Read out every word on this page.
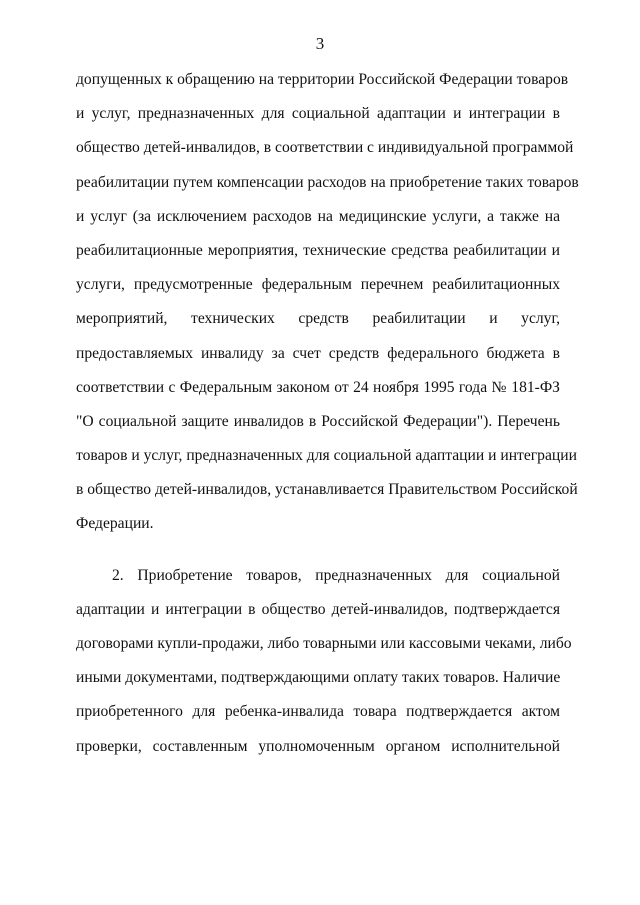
3
допущенных к обращению на территории Российской Федерации товаров
и услуг, предназначенных для социальной адаптации и интеграции в
общество детей-инвалидов, в соответствии с индивидуальной программой
реабилитации путем компенсации расходов на приобретение таких товаров
и услуг (за исключением расходов на медицинские услуги, а также на
реабилитационные мероприятия, технические средства реабилитации и
услуги, предусмотренные федеральным перечнем реабилитационных
мероприятий, технических средств реабилитации и услуг,
предоставляемых инвалиду за счет средств федерального бюджета в
соответствии с Федеральным законом от 24 ноября 1995 года № 181-ФЗ
"О социальной защите инвалидов в Российской Федерации"). Перечень
товаров и услуг, предназначенных для социальной адаптации и интеграции
в общество детей-инвалидов, устанавливается Правительством Российской
Федерации.
2. Приобретение товаров, предназначенных для социальной
адаптации и интеграции в общество детей-инвалидов, подтверждается
договорами купли-продажи, либо товарными или кассовыми чеками, либо
иными документами, подтверждающими оплату таких товаров. Наличие
приобретенного для ребенка-инвалида товара подтверждается актом
проверки, составленным уполномоченным органом исполнительной
